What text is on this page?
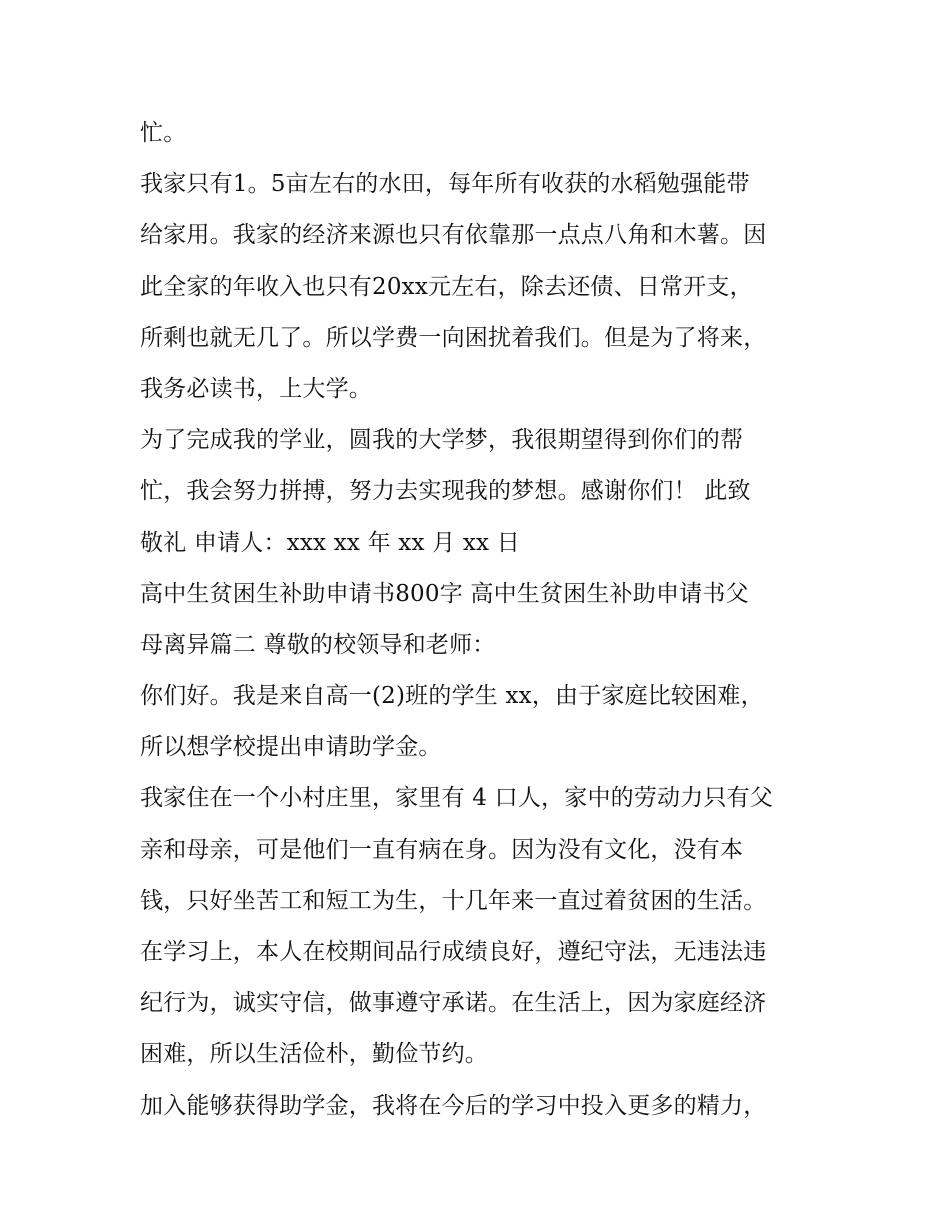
忙。
我家只有1。5亩左右的水田，每年所有收获的水稻勉强能带
给家用。我家的经济来源也只有依靠那一点点八角和木薯。因
此全家的年收入也只有20xx元左右，除去还债、日常开支，
所剩也就无几了。所以学费一向困扰着我们。但是为了将来，
我务必读书，上大学。
为了完成我的学业，圆我的大学梦，我很期望得到你们的帮
忙，我会努力拼搏，努力去实现我的梦想。感谢你们！ 此致
敬礼 申请人：xxx xx 年 xx 月 xx 日
高中生贫困生补助申请书800字 高中生贫困生补助申请书父
母离异篇二 尊敬的校领导和老师：
你们好。我是来自高一(2)班的学生 xx，由于家庭比较困难，
所以想学校提出申请助学金。
我家住在一个小村庄里，家里有 4 口人，家中的劳动力只有父
亲和母亲，可是他们一直有病在身。因为没有文化，没有本
钱，只好坐苦工和短工为生，十几年来一直过着贫困的生活。
在学习上，本人在校期间品行成绩良好，遵纪守法，无违法违
纪行为，诚实守信，做事遵守承诺。在生活上，因为家庭经济
困难，所以生活俭朴，勤俭节约。
加入能够获得助学金，我将在今后的学习中投入更多的精力，
